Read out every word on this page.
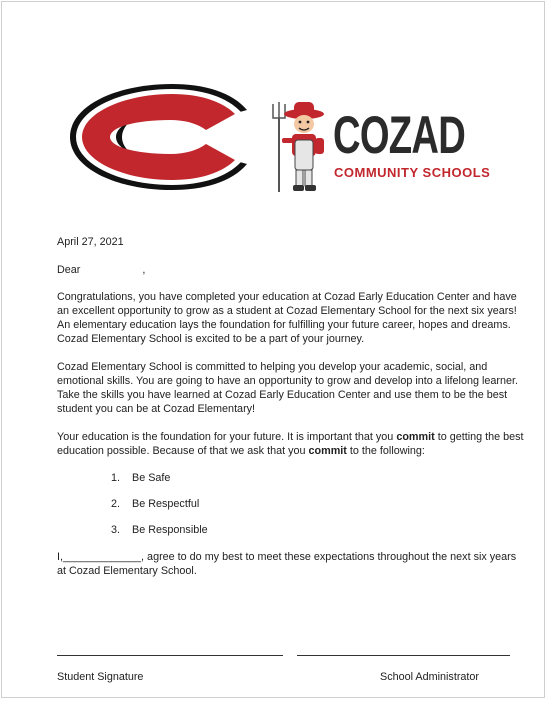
COZAD
COMMUNITY SCHOOLS

April 27, 2021

Dear	,

Congratulations, you have completed your education at Cozad Early Education Center and have an excellent opportunity to grow as a student at Cozad Elementary School for the next six years! An elementary education lays the foundation for fulfilling your future career, hopes and dreams. Cozad Elementary School is excited to be a part of your journey.

Cozad Elementary School is committed to helping you develop your academic, social, and emotional skills. You are going to have an opportunity to grow and develop into a lifelong learner. Take the skills you have learned at Cozad Early Education Center and use them to be the best student you can be at Cozad Elementary!

Your education is the foundation for your future. It is important that you commit to getting the best education possible. Because of that we ask that you commit to the following:

1. Be Safe
2. Be Respectful
3. Be Responsible

I,_____________, agree to do my best to meet these expectations throughout the next six years at Cozad Elementary School.

Student Signature	School Administrator
